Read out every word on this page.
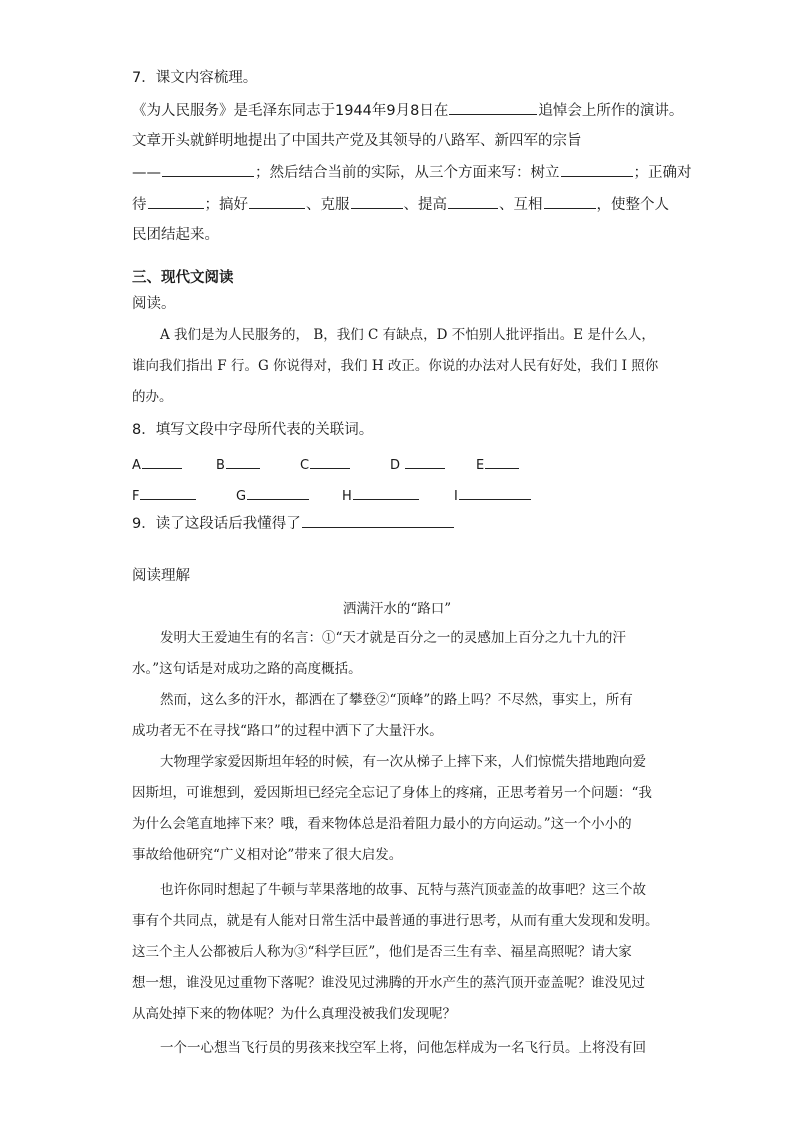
7．课文内容梳理。
《为人民服务》是毛泽东同志于1944年9月8日在	追悼会上所作的演讲。
文章开头就鲜明地提出了中国共产党及其领导的八路军、新四军的宗旨
——	；然后结合当前的实际，从三个方面来写：树立	；正确对
待	；搞好	、克服	、提高	、互相	，使整个人
民团结起来。
三、现代文阅读
阅读。
A 我们是为人民服务的， B，我们 C 有缺点，D 不怕别人批评指出。E 是什么人，
谁向我们指出 F 行。G 你说得对，我们 H 改正。你说的办法对人民有好处，我们 I 照你
的办。
8．填写文段中字母所代表的关联词。
A	B	C	D	E
F	G	H	I
9．读了这段话后我懂得了
阅读理解
洒满汗水的“路口”
发明大王爱迪生有的名言：①“天才就是百分之一的灵感加上百分之九十九的汗
水。”这句话是对成功之路的高度概括。
然而，这么多的汗水，都洒在了攀登②“顶峰”的路上吗？不尽然，事实上，所有
成功者无不在寻找“路口”的过程中洒下了大量汗水。
大物理学家爱因斯坦年轻的时候，有一次从梯子上摔下来，人们惊慌失措地跑向爱
因斯坦，可谁想到，爱因斯坦已经完全忘记了身体上的疼痛，正思考着另一个问题：“我
为什么会笔直地摔下来？哦，看来物体总是沿着阻力最小的方向运动。”这一个小小的
事故给他研究“广义相对论”带来了很大启发。
也许你同时想起了牛顿与苹果落地的故事、瓦特与蒸汽顶壶盖的故事吧？这三个故
事有个共同点，就是有人能对日常生活中最普通的事进行思考，从而有重大发现和发明。
这三个主人公都被后人称为③“科学巨匠”，他们是否三生有幸、福星高照呢？请大家
想一想，谁没见过重物下落呢？谁没见过沸腾的开水产生的蒸汽顶开壶盖呢？谁没见过
从高处掉下来的物体呢？为什么真理没被我们发现呢？
一个一心想当飞行员的男孩来找空军上将，问他怎样成为一名飞行员。上将没有回
